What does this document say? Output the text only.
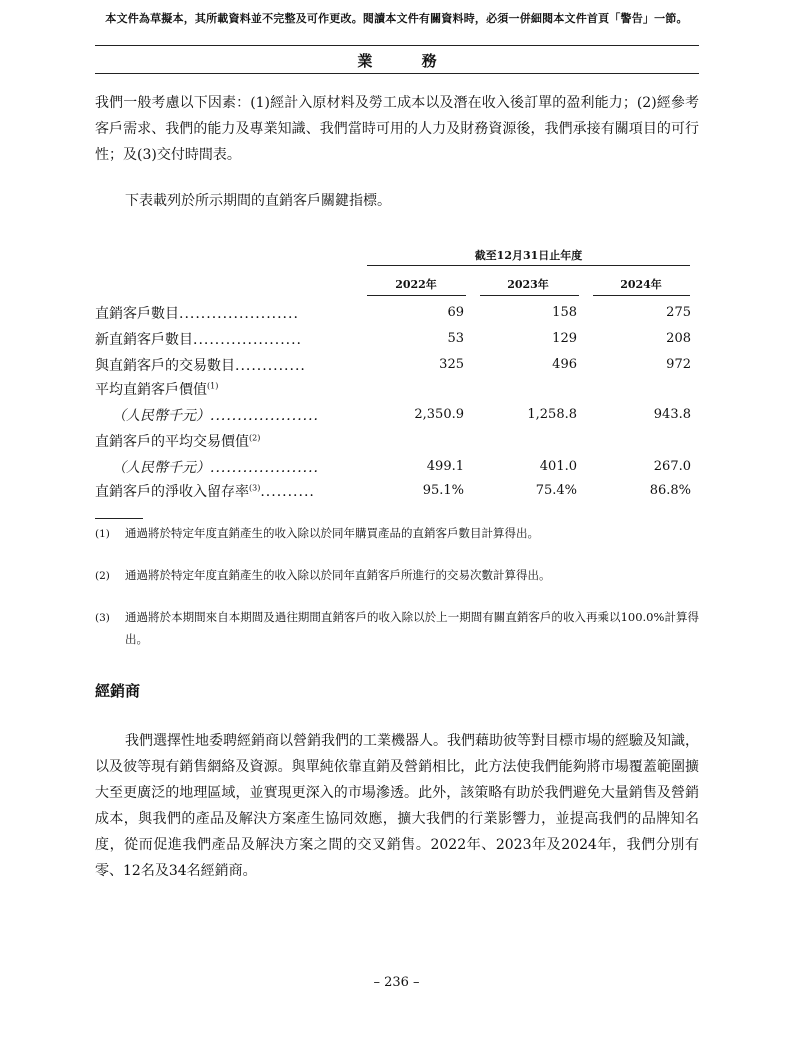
本文件為草擬本，其所載資料並不完整及可作更改。閱讀本文件有關資料時，必須一併細閱本文件首頁「警告」一節。
業 務
我們一般考慮以下因素：(1)經計入原材料及勞工成本以及潛在收入後訂單的盈利能力；(2)經參考客戶需求、我們的能力及專業知識、我們當時可用的人力及財務資源後，我們承接有關項目的可行性；及(3)交付時間表。
下表載列於所示期間的直銷客戶關鍵指標。
截至12月31日止年度
2022年	2023年	2024年
直銷客戶數目......................	69	158	275
新直銷客戶數目....................	53	129	208
與直銷客戶的交易數目.............	325	496	972
平均直銷客戶價值$^{(1)}$
（人民幣千元）....................	2,350.9	1,258.8	943.8
直銷客戶的平均交易價值$^{(2)}$
（人民幣千元）....................	499.1	401.0	267.0
直銷客戶的淨收入留存率$^{(3)}$..........	95.1%	75.4%	86.8%
(1) 通過將於特定年度直銷產生的收入除以於同年購買產品的直銷客戶數目計算得出。
(2) 通過將於特定年度直銷產生的收入除以於同年直銷客戶所進行的交易次數計算得出。
(3) 通過將於本期間來自本期間及過往期間直銷客戶的收入除以於上一期間有關直銷客戶的收入再乘以100.0%計算得出。
經銷商
我們選擇性地委聘經銷商以營銷我們的工業機器人。我們藉助彼等對目標市場的經驗及知識，以及彼等現有銷售網絡及資源。與單純依靠直銷及營銷相比，此方法使我們能夠將市場覆蓋範圍擴大至更廣泛的地理區域，並實現更深入的市場滲透。此外，該策略有助於我們避免大量銷售及營銷成本，與我們的產品及解決方案產生協同效應，擴大我們的行業影響力，並提高我們的品牌知名度，從而促進我們產品及解決方案之間的交叉銷售。2022年、2023年及2024年，我們分別有零、12名及34名經銷商。
– 236 –
